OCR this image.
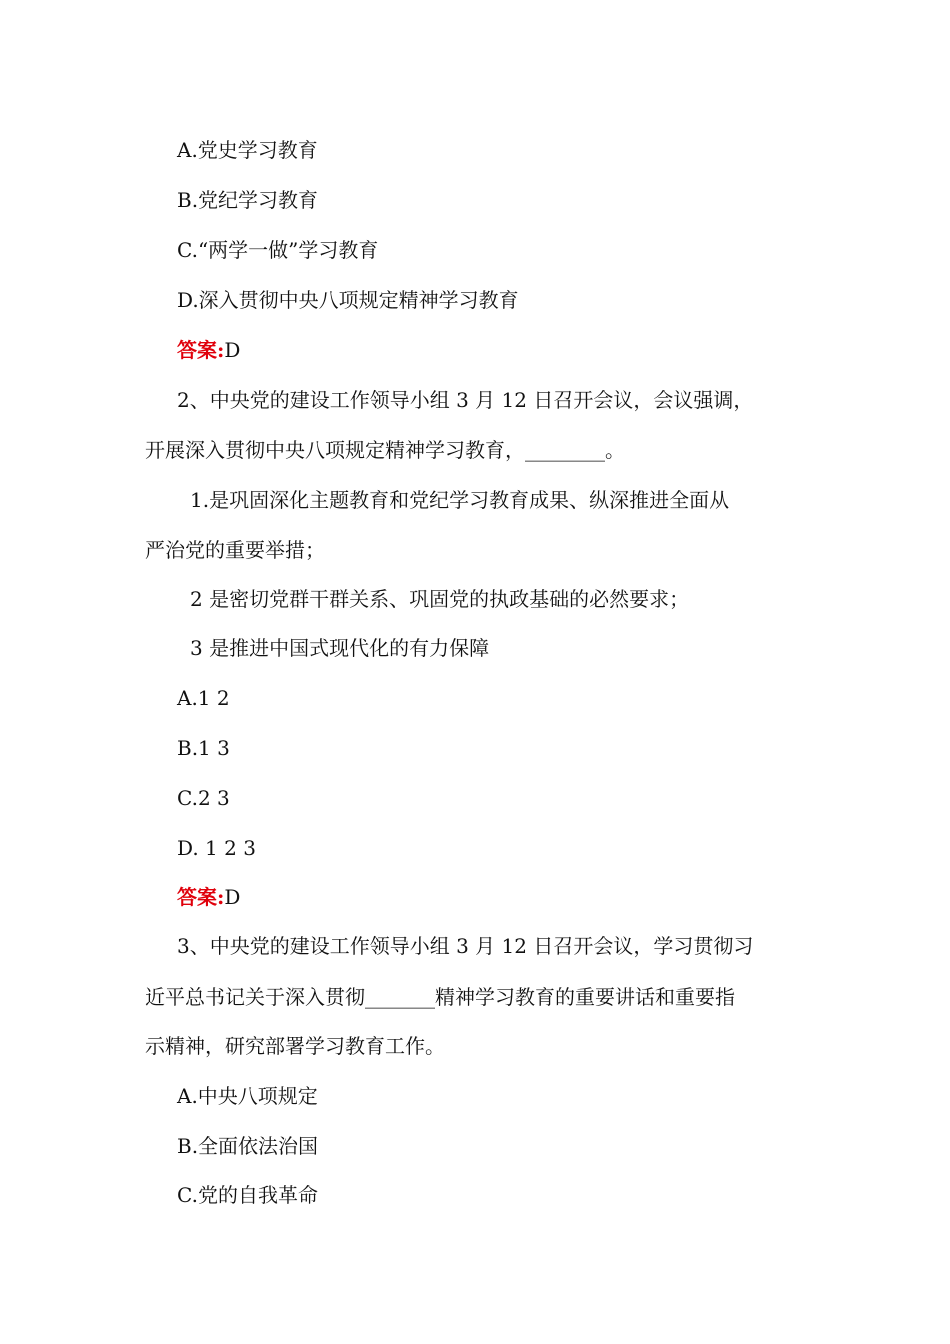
A.党史学习教育
B.党纪学习教育
C.“两学一做”学习教育
D.深入贯彻中央八项规定精神学习教育
答案:D
2、中央党的建设工作领导小组 3 月 12 日召开会议，会议强调，
开展深入贯彻中央八项规定精神学习教育，________。
1.是巩固深化主题教育和党纪学习教育成果、纵深推进全面从
严治党的重要举措；
2 是密切党群干群关系、巩固党的执政基础的必然要求；
3 是推进中国式现代化的有力保障
A.1 2
B.1 3
C.2 3
D. 1 2 3
答案:D
3、中央党的建设工作领导小组 3 月 12 日召开会议，学习贯彻习
近平总书记关于深入贯彻_______精神学习教育的重要讲话和重要指
示精神，研究部署学习教育工作。
A.中央八项规定
B.全面依法治国
C.党的自我革命
